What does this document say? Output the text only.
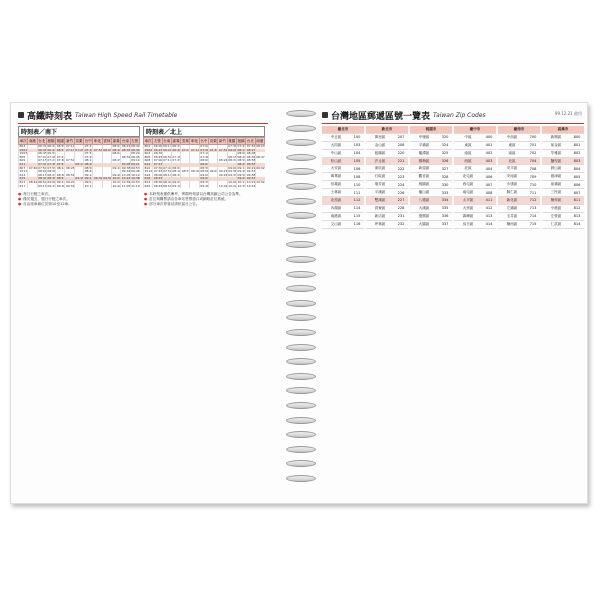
高鐵時刻表 Taiwan High Speed Rail Timetable
時刻表／南下
車次	南港	台北	板橋	桃園	新竹	苗栗	台中	彰化	雲林	嘉義	台南	左營
803		06:30	06:41	06:55	07:10		07:33			08:02	08:21	08:40
1501		06:36	06:44	06:57	07:13	07:25	07:38	07:50	08:03	08:16	08:35	08:49
1503		06:45	06:53				07:34			08:04		08:29
805		07:00	07:08	07:21			07:49				08:32	08:45
609		07:15	07:23	07:36	07:50		08:13			08:45		09:14
611		07:30	07:38	07:51		08:14	08:26				09:08	09:21
807	07:40	07:51	07:59	08:12	08:28		08:50			09:19	09:38	09:53
1511		08:00	08:08				08:49				09:34	09:48
613		08:15	08:23	08:36	08:51		09:14			09:46	10:05	10:19
615		08:30	08:38	08:51		09:15	09:27	09:39	09:52	10:05	10:24	10:38
811	08:41	08:52	09:00	09:13	09:29		09:51			10:20	10:39	10:53
617		09:15	09:23	09:36	09:51		10:14			10:46	11:05	11:19
時刻表／北上
車次	左營	台南	嘉義	雲林	彰化	台中	苗栗	新竹	桃園	板橋	台北	南港
802	06:00	06:14	06:33			07:02			07:31	07:44	07:52	08:03
1502	06:15	06:29	06:48	07:01	07:14	07:26	07:38	07:51	08:06	08:19	08:27	
604	06:30					07:19				08:00	08:08	
806	06:45	06:59	07:18			07:46			08:15	08:28	08:36	08:47
608	07:00	07:14	07:33			08:01		08:24	08:37	08:50	08:58	
612	07:15					08:04				08:45	08:53	
810	07:30	07:44	08:03			08:31			09:00	09:13	09:21	09:32
1514	07:45	07:59	08:18	08:31	08:44	08:56	09:08	09:21	09:36	09:49	09:57	
616	08:00	08:14	08:33			09:01		09:24	09:37	09:50	09:58	
618	08:15					09:04				09:45	09:53	
814	08:30	08:44	09:03			09:31			10:00	10:13	10:21	10:32
620	08:45	08:59	09:18			09:46		10:09	10:22	10:35	10:43	
● 每日行駛之車次。
● 僅於週五、週日行駛之車次。
● 自由座車廂位於第10至12車。
● 本時刻表僅供參考，實際時刻請以台灣高鐵公司公告為準。
● 訂位與購票請洽各車站售票窗口或網路訂位系統。
● 部分車次停靠站請依當日公告。
99.12.21 啟用
台灣地區郵遞區號一覽表 Taiwan Zip Codes
臺北市
中正區	100
大同區	103
中山區	104
松山區	105
大安區	106
萬華區	108
信義區	110
士林區	111
北投區	112
內湖區	114
南港區	115
文山區	116
新北市
萬里區	207
金山區	208
板橋區	220
汐止區	221
深坑區	222
石碇區	223
瑞芳區	224
平溪區	226
雙溪區	227
貢寮區	228
新店區	231
坪林區	232
桃園市
中壢區	320
平鎮區	324
龍潭區	325
楊梅區	326
新屋區	327
觀音區	328
桃園區	330
龜山區	333
八德區	334
大溪區	335
復興區	336
大園區	337
臺中市
中區	400
東區	401
南區	402
西區	403
北區	404
北屯區	406
西屯區	407
南屯區	408
太平區	411
大里區	412
霧峰區	413
烏日區	414
臺南市
中西區	700
東區	701
南區	702
北區	704
安平區	708
安南區	709
永康區	710
歸仁區	711
新化區	712
左鎮區	713
玉井區	714
楠西區	715
高雄市
新興區	800
前金區	801
苓雅區	802
鹽埕區	803
鼓山區	804
旗津區	805
前鎮區	806
三民區	807
楠梓區	811
小港區	812
左營區	813
仁武區	814
